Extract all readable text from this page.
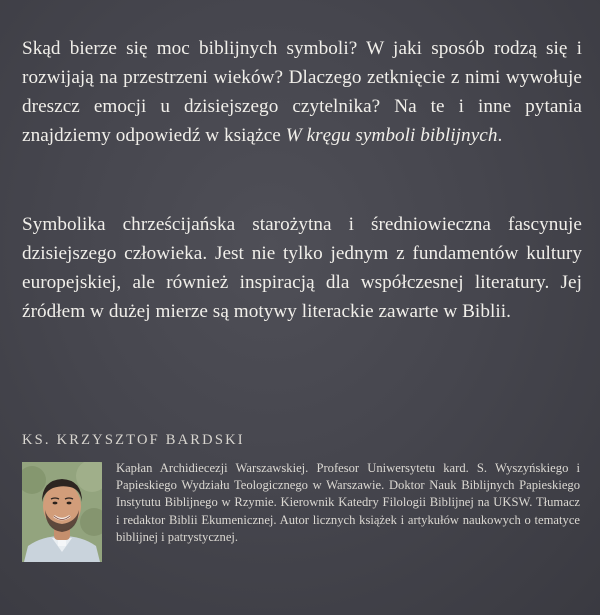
Skąd bierze się moc biblijnych symboli? W jaki sposób rodzą się i rozwijają na przestrzeni wieków? Dlaczego zetknięcie z nimi wywołuje dreszcz emocji u dzisiejszego czytelnika? Na te i inne pytania znajdziemy odpowiedź w książce W kręgu symboli biblijnych.

Symbolika chrześcijańska starożytna i średniowieczna fascynuje dzisiejszego człowieka. Jest nie tylko jednym z fundamentów kultury europejskiej, ale również inspiracją dla współczesnej literatury. Jej źródłem w dużej mierze są motywy literackie zawarte w Biblii.

KS. KRZYSZTOF BARDSKI

Kapłan Archidiecezji Warszawskiej. Profesor Uniwersytetu kard. S. Wyszyńskiego i Papieskiego Wydziału Teologicznego w Warszawie. Doktor Nauk Biblijnych Papieskiego Instytutu Biblijnego w Rzymie. Kierownik Katedry Filologii Biblijnej na UKSW. Tłumacz i redaktor Biblii Ekumenicznej. Autor licznych książek i artykułów naukowych o tematyce biblijnej i patrystycznej.
